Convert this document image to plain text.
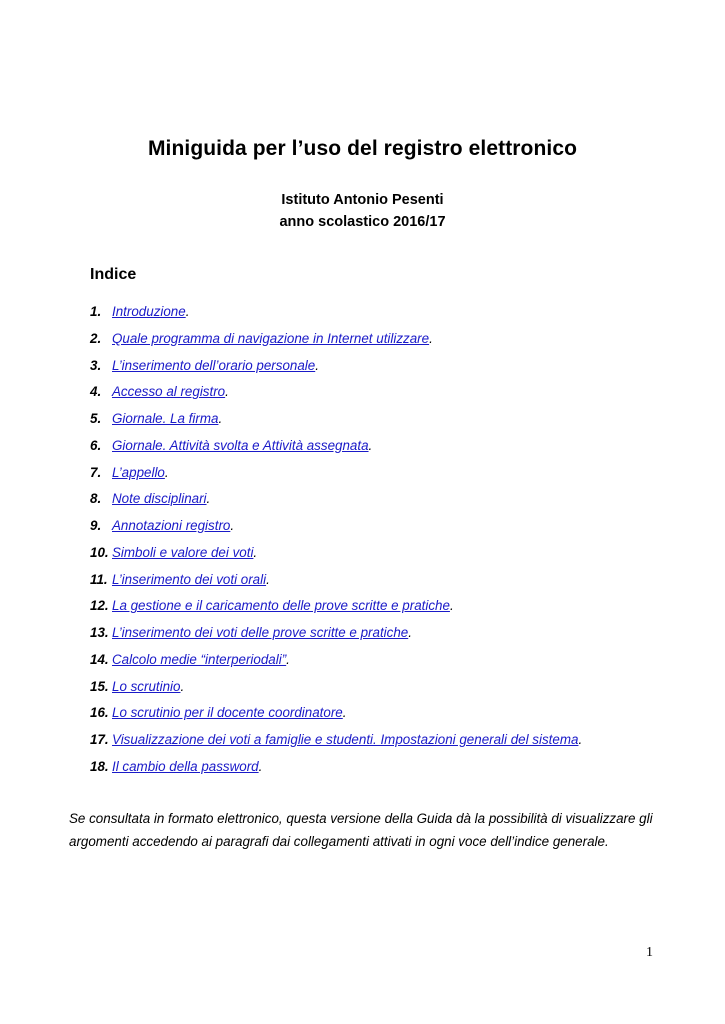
Miniguida per l’uso del registro elettronico

Istituto Antonio Pesenti

anno scolastico 2016/17

Indice
1. Introduzione.
2. Quale programma di navigazione in Internet utilizzare.
3. L’inserimento dell’orario personale.
4. Accesso al registro.
5. Giornale. La firma.
6. Giornale. Attività svolta e Attività assegnata.
7. L’appello.
8. Note disciplinari.
9. Annotazioni registro.
10. Simboli e valore dei voti.
11. L’inserimento dei voti orali.
12. La gestione e il caricamento delle prove scritte e pratiche.
13. L’inserimento dei voti delle prove scritte e pratiche.
14. Calcolo medie “interperiodali”.
15. Lo scrutinio.
16. Lo scrutinio per il docente coordinatore.
17. Visualizzazione dei voti a famiglie e studenti. Impostazioni generali del sistema.
18. Il cambio della password.

Se consultata in formato elettronico, questa versione della Guida dà la possibilità di visualizzare gli argomenti accedendo ai paragrafi dai collegamenti attivati in ogni voce dell’indice generale.

1
